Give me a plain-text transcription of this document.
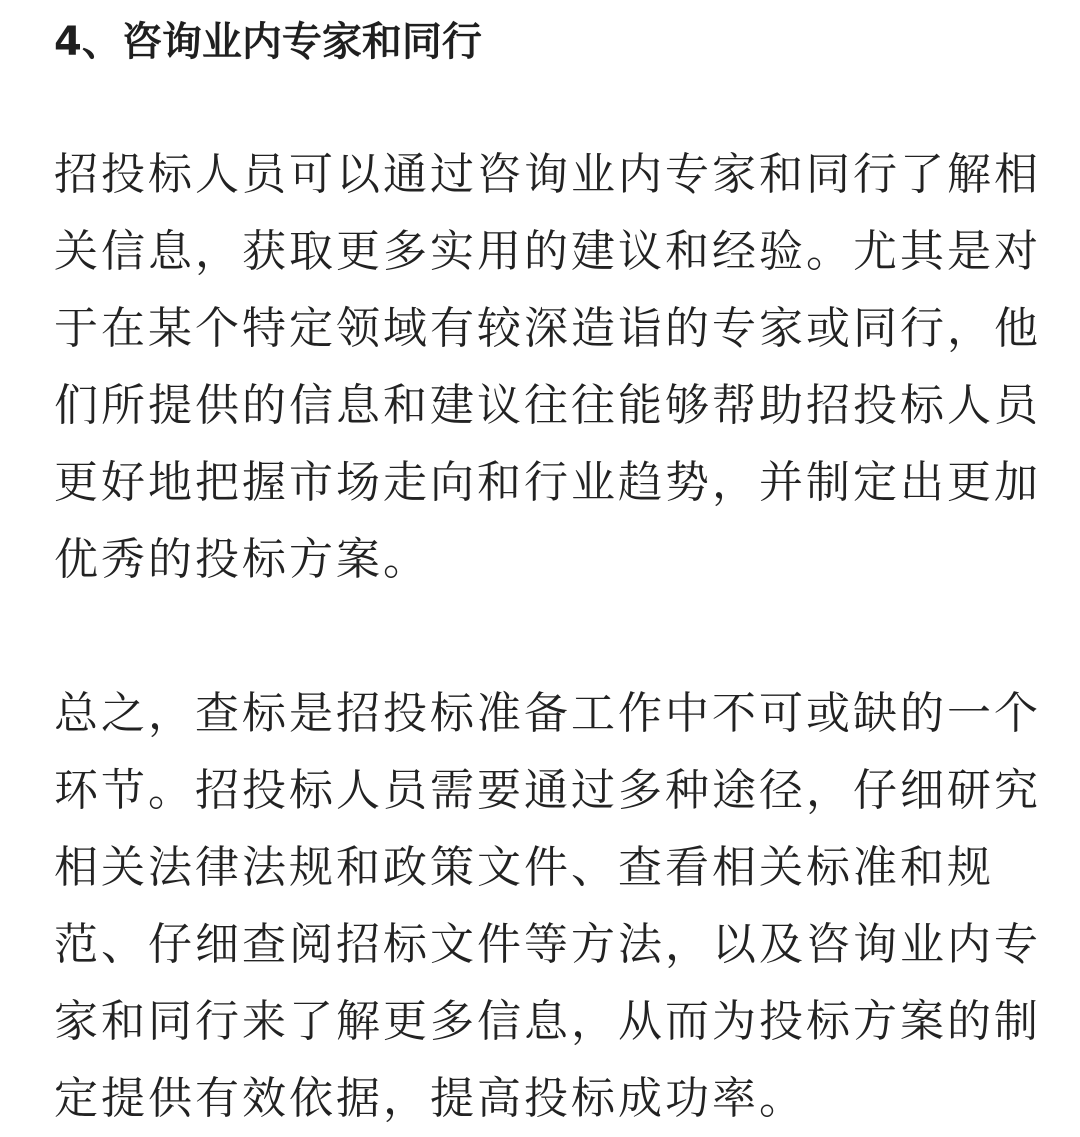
4、咨询业内专家和同行
招投标人员可以通过咨询业内专家和同行了解相
关信息，获取更多实用的建议和经验。尤其是对
于在某个特定领域有较深造诣的专家或同行，他
们所提供的信息和建议往往能够帮助招投标人员
更好地把握市场走向和行业趋势，并制定出更加
优秀的投标方案。
总之，查标是招投标准备工作中不可或缺的一个
环节。招投标人员需要通过多种途径，仔细研究
相关法律法规和政策文件、查看相关标准和规
范、仔细查阅招标文件等方法，以及咨询业内专
家和同行来了解更多信息，从而为投标方案的制
定提供有效依据，提高投标成功率。
